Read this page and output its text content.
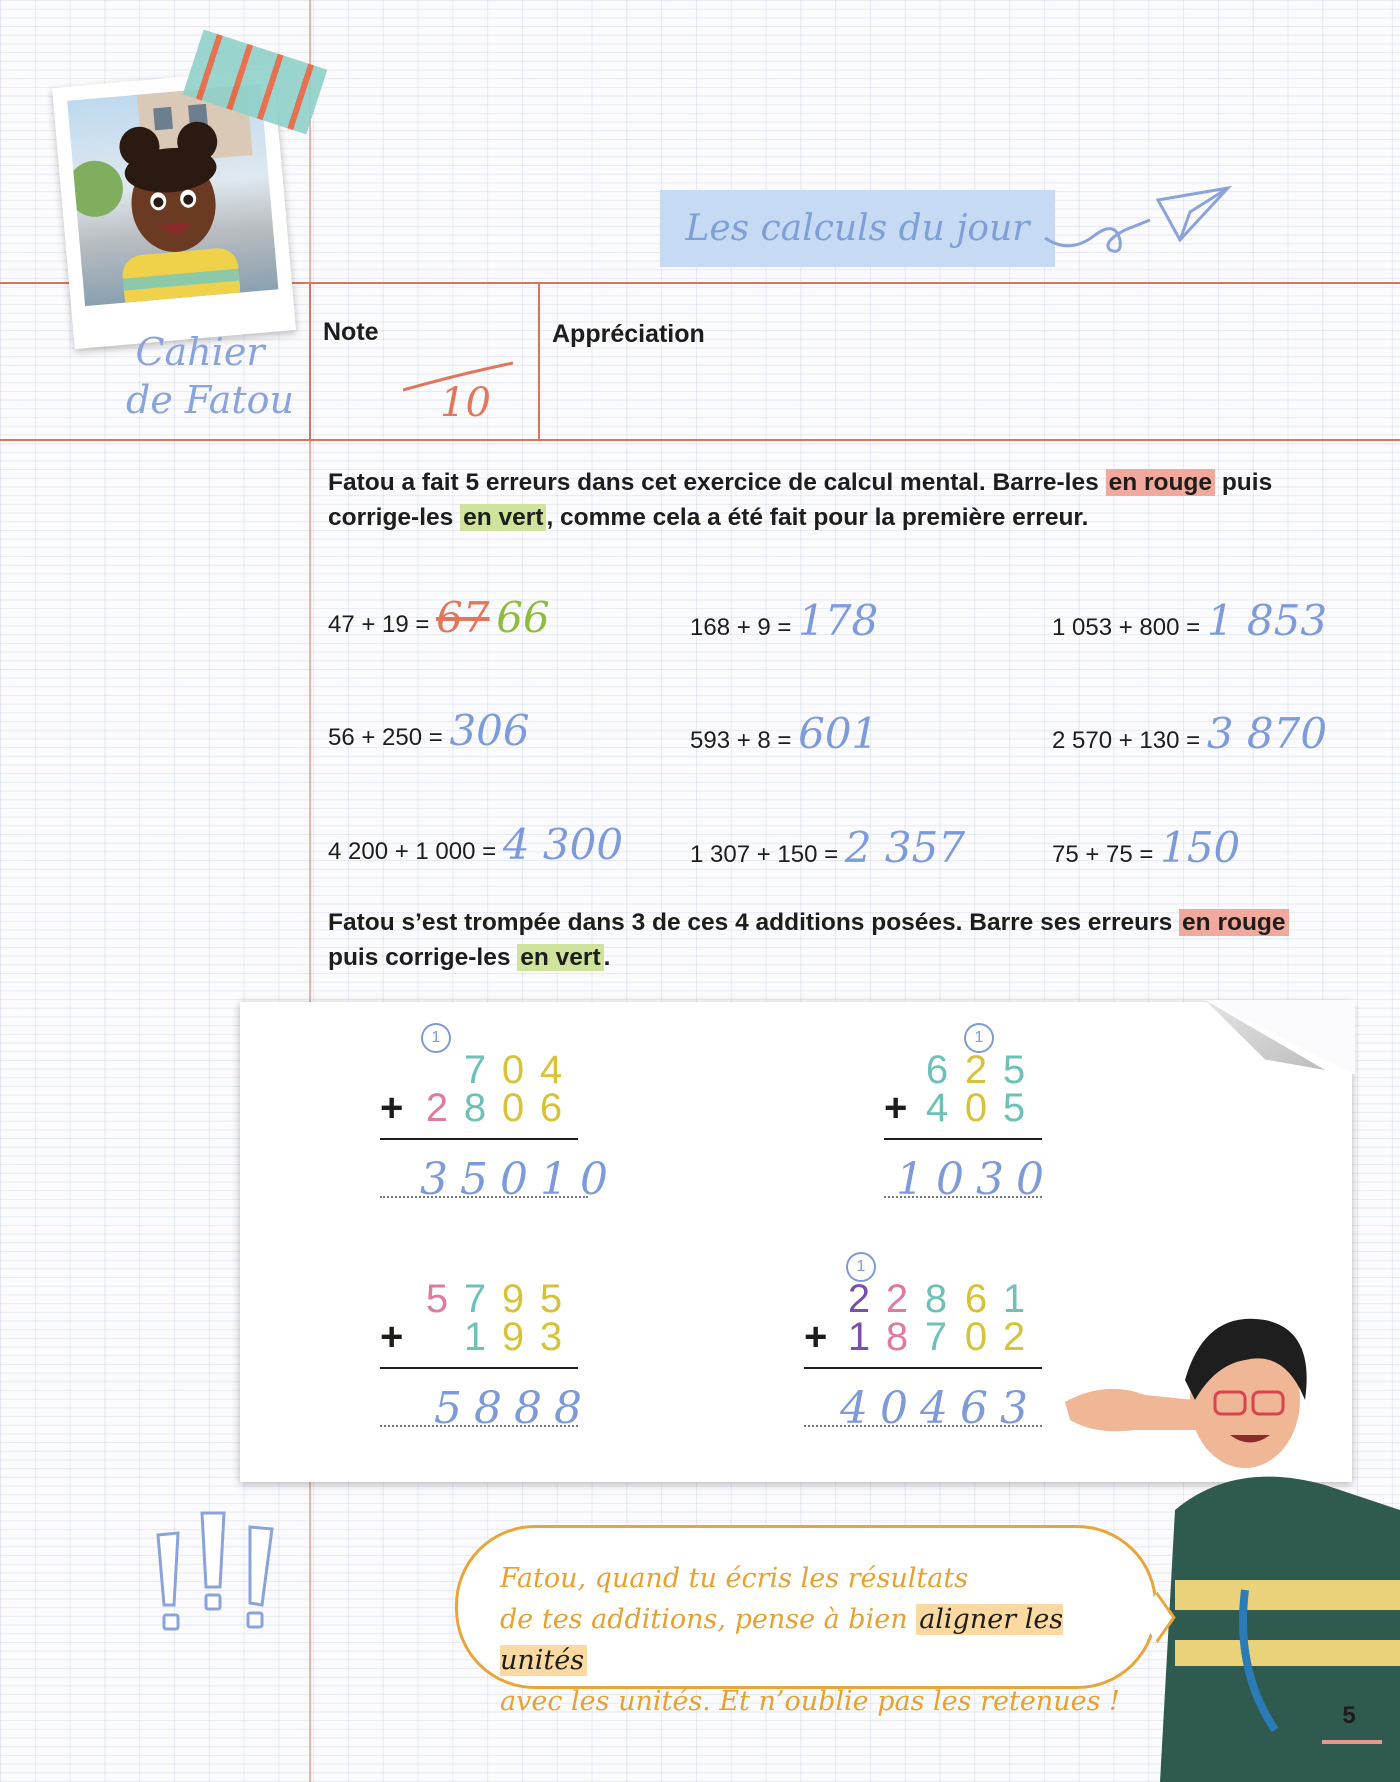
Les calculs du jour
Cahier
de Fatou
Note
10
Appréciation
Fatou a fait 5 erreurs dans cet exercice de calcul mental. Barre-les en rouge puis corrige-les en vert , comme cela a été fait pour la première erreur.
47 + 19 = 67 66	168 + 9 = 178	1 053 + 800 = 1 853
56 + 250 = 306	593 + 8 = 601	2 570 + 130 = 3 870
4 200 + 1 000 = 4 300	1 307 + 150 = 2 357	75 + 75 = 150
Fatou s’est trompée dans 3 de ces 4 additions posées. Barre ses erreurs en rouge puis corrige-les en vert .
1
7 0 4
+ 2 8 0 6
35010
1
6 2 5
+ 4 0 5
1030
5 7 9 5
+ 1 9 3
5888
1
2 2 8 6 1
+ 1 8 7 0 2
40463
Fatou, quand tu écris les résultats
de tes additions, pense à bien aligner les unités
avec les unités. Et n’oublie pas les retenues !	5
